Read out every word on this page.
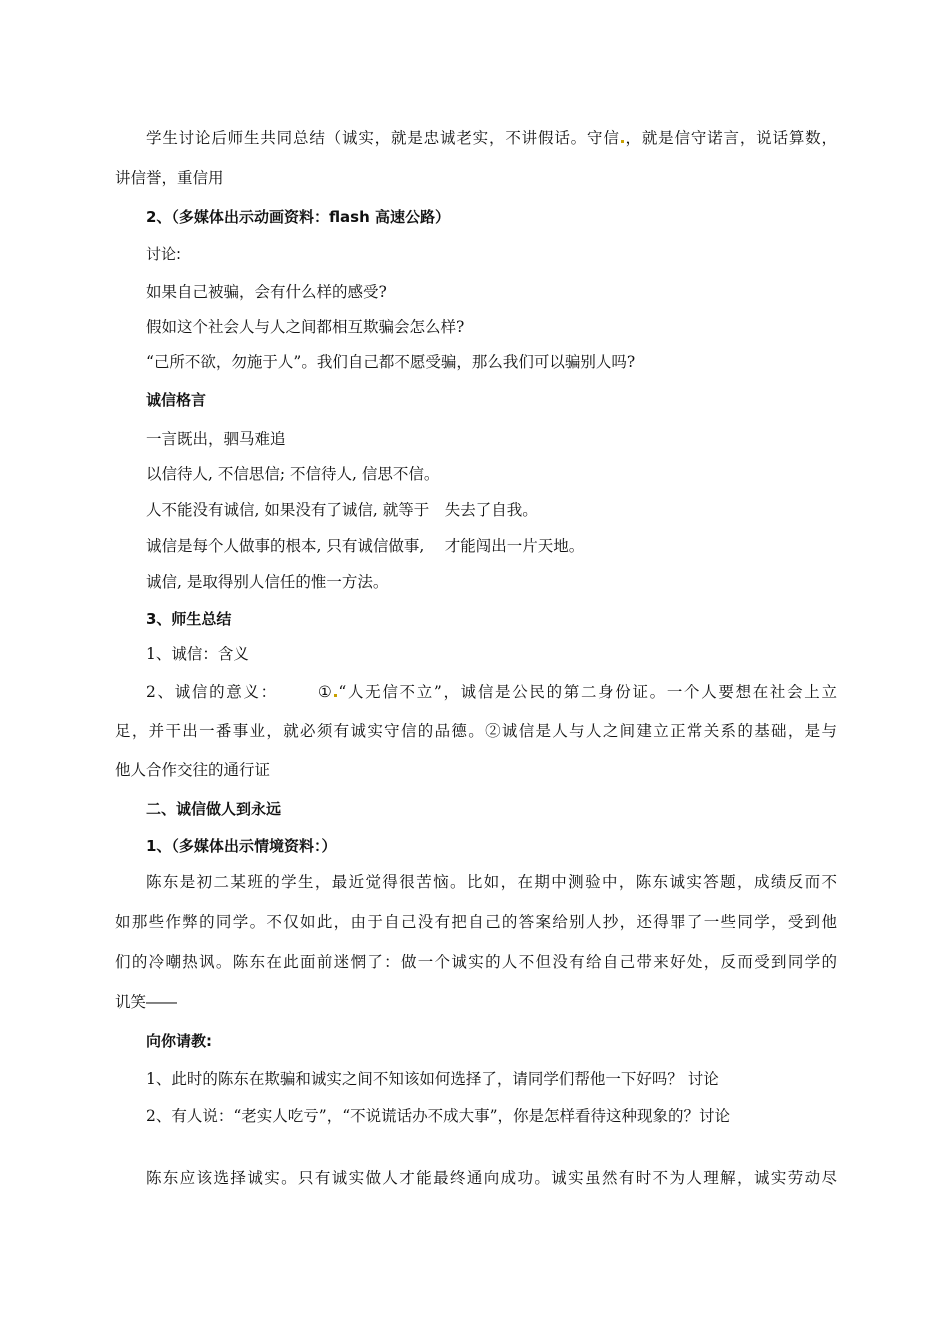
学生讨论后师生共同总结（诚实，就是忠诚老实，不讲假话。守信 ，就是信守诺言，说话算数，
讲信誉，重信用
2、（多媒体出示动画资料：flash 高速公路）
讨论:
如果自己被骗，会有什么样的感受?
假如这个社会人与人之间都相互欺骗会怎么样?
“己所不欲，勿施于人”。我们自己都不愿受骗，那么我们可以骗别人吗?
诚信格言
一言既出，驷马难追
以信待人, 不信思信; 不信待人, 信思不信。
人不能没有诚信, 如果没有了诚信, 就等于　失去了自我。
诚信是每个人做事的根本, 只有诚信做事,　 才能闯出一片天地。
诚信, 是取得别人信任的惟一方法。
3、师生总结
1、诚信：含义
2、诚信的意义：	① “人无信不立”，诚信是公民的第二身份证。一个人要想在社会上立
足，并干出一番事业，就必须有诚实守信的品德。②诚信是人与人之间建立正常关系的基础，是与
他人合作交往的通行证
二、诚信做人到永远
1、（多媒体出示情境资料：）
陈东是初二某班的学生，最近觉得很苦恼。比如，在期中测验中，陈东诚实答题，成绩反而不
如那些作弊的同学。不仅如此，由于自己没有把自己的答案给别人抄，还得罪了一些同学，受到他
们的冷嘲热讽。陈东在此面前迷惘了：做一个诚实的人不但没有给自己带来好处，反而受到同学的
讥笑――
向你请教:
1、此时的陈东在欺骗和诚实之间不知该如何选择了，请同学们帮他一下好吗？ 讨论
2、有人说：“老实人吃亏”，“不说谎话办不成大事”，你是怎样看待这种现象的？讨论
陈东应该选择诚实。只有诚实做人才能最终通向成功。诚实虽然有时不为人理解，诚实劳动尽
